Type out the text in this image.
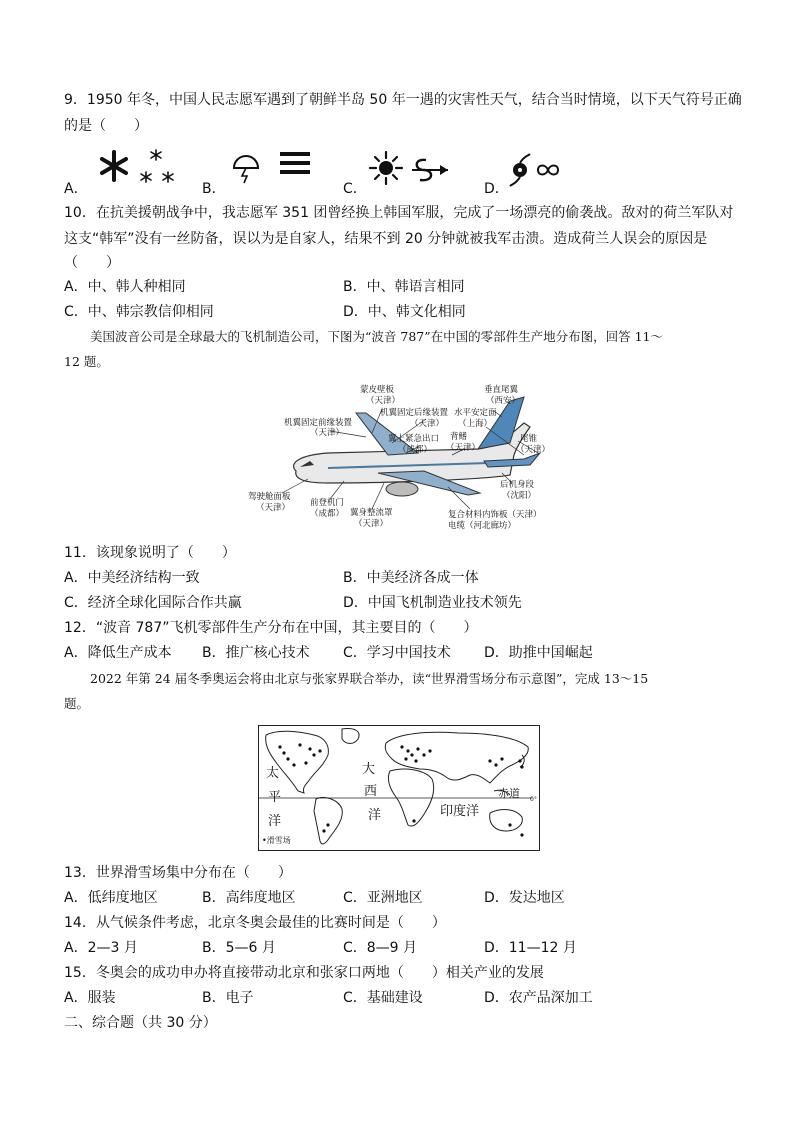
9．1950 年冬，中国人民志愿军遇到了朝鲜半岛 50 年一遇的灾害性天气，结合当时情境，以下天气符号正确
的是（　　）
A．	B．	C．	D．
10．在抗美援朝战争中，我志愿军 351 团曾经换上韩国军服，完成了一场漂亮的偷袭战。敌对的荷兰军队对
这支“韩军”没有一丝防备，误以为是自家人，结果不到 20 分钟就被我军击溃。造成荷兰人误会的原因是
（　　）
A．中、韩人种相同	B．中、韩语言相同
C．中、韩宗教信仰相同	D．中、韩文化相同
美国波音公司是全球最大的飞机制造公司，下图为“波音 787”在中国的零部件生产地分布图，回答 11～
12 题。
蒙皮壁板
（天津）
机翼固定前缘装置
（天津）
机翼固定后缘装置
（天津）
翼上紧急出口
（成都）
背鳍
（天津）
垂直尾翼
（西安）
水平安定面
（上海）
尾锥
（天津）
后机身段
（沈阳）
驾驶舱面板
（天津） 前登机门
（成都） 翼身整流罩
（天津）
复合材料内饰板（天津）
电缆（河北廊坊）
11．该现象说明了（　　）
A．中美经济结构一致	B．中美经济各成一体
C．经济全球化国际合作共赢	D．中国飞机制造业技术领先
12．“波音 787”飞机零部件生产分布在中国，其主要目的（　　）
A．降低生产成本 B．推广核心技术 C．学习中国技术 D．助推中国崛起
2022 年第 24 届冬季奥运会将由北京与张家界联合举办，读“世界滑雪场分布示意图”，完成 13～15
题。
太
平
洋
大
西
洋	印度洋
赤道 0°
•滑雪场
13．世界滑雪场集中分布在（　　）
A．低纬度地区	B．高纬度地区	C．亚洲地区	D．发达地区
14．从气候条件考虑，北京冬奥会最佳的比赛时间是（　　）
A．2—3 月	B．5—6 月	C．8—9 月	D．11—12 月
15．冬奥会的成功申办将直接带动北京和张家口两地（　　）相关产业的发展
A．服装	B．电子	C．基础建设	D．农产品深加工
二、综合题（共 30 分）
